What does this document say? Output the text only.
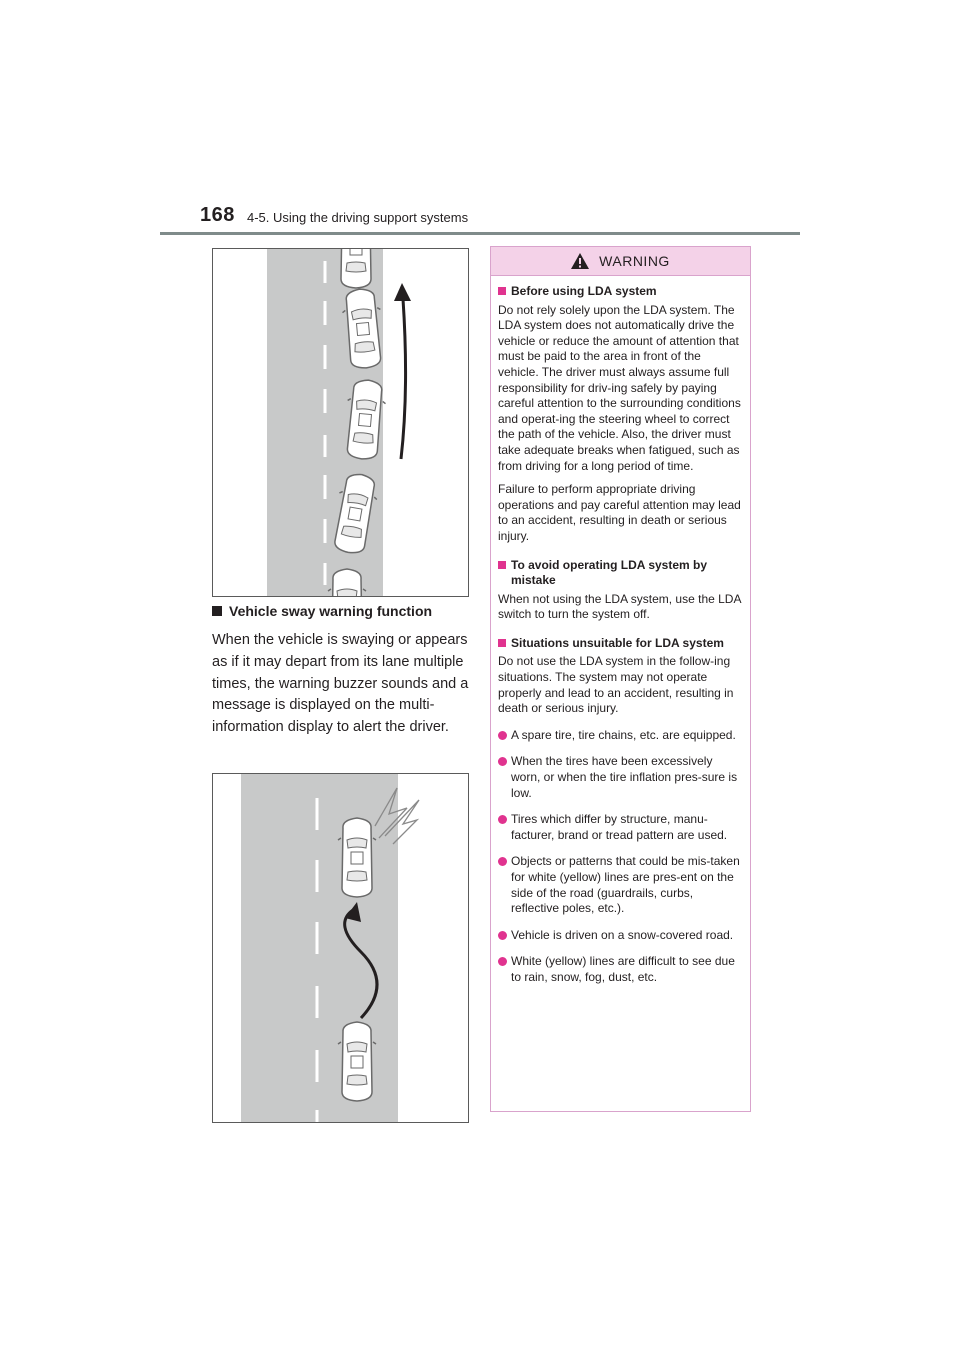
168 4-5. Using the driving support systems
Vehicle sway warning function
When the vehicle is swaying or appears as if it may depart from its lane multiple times, the warning buzzer sounds and a message is displayed on the multi-information display to alert the driver.
WARNING
Before using LDA system

Do not rely solely upon the LDA system. The LDA system does not automatically drive the vehicle or reduce the amount of attention that must be paid to the area in front of the vehicle. The driver must always assume full responsibility for driv-ing safely by paying careful attention to the surrounding conditions and operat-ing the steering wheel to correct the path of the vehicle. Also, the driver must take adequate breaks when fatigued, such as from driving for a long period of time.

Failure to perform appropriate driving operations and pay careful attention may lead to an accident, resulting in death or serious injury.

To avoid operating LDA system by mistake

When not using the LDA system, use the LDA switch to turn the system off.

Situations unsuitable for LDA system

Do not use the LDA system in the follow-ing situations. The system may not operate properly and lead to an accident, resulting in death or serious injury.

A spare tire, tire chains, etc. are equipped.
When the tires have been excessively worn, or when the tire inflation pres-sure is low.
Tires which differ by structure, manu-facturer, brand or tread pattern are used.
Objects or patterns that could be mis-taken for white (yellow) lines are pres-ent on the side of the road (guardrails, curbs, reflective poles, etc.).
Vehicle is driven on a snow-covered road.
White (yellow) lines are difficult to see due to rain, snow, fog, dust, etc.
